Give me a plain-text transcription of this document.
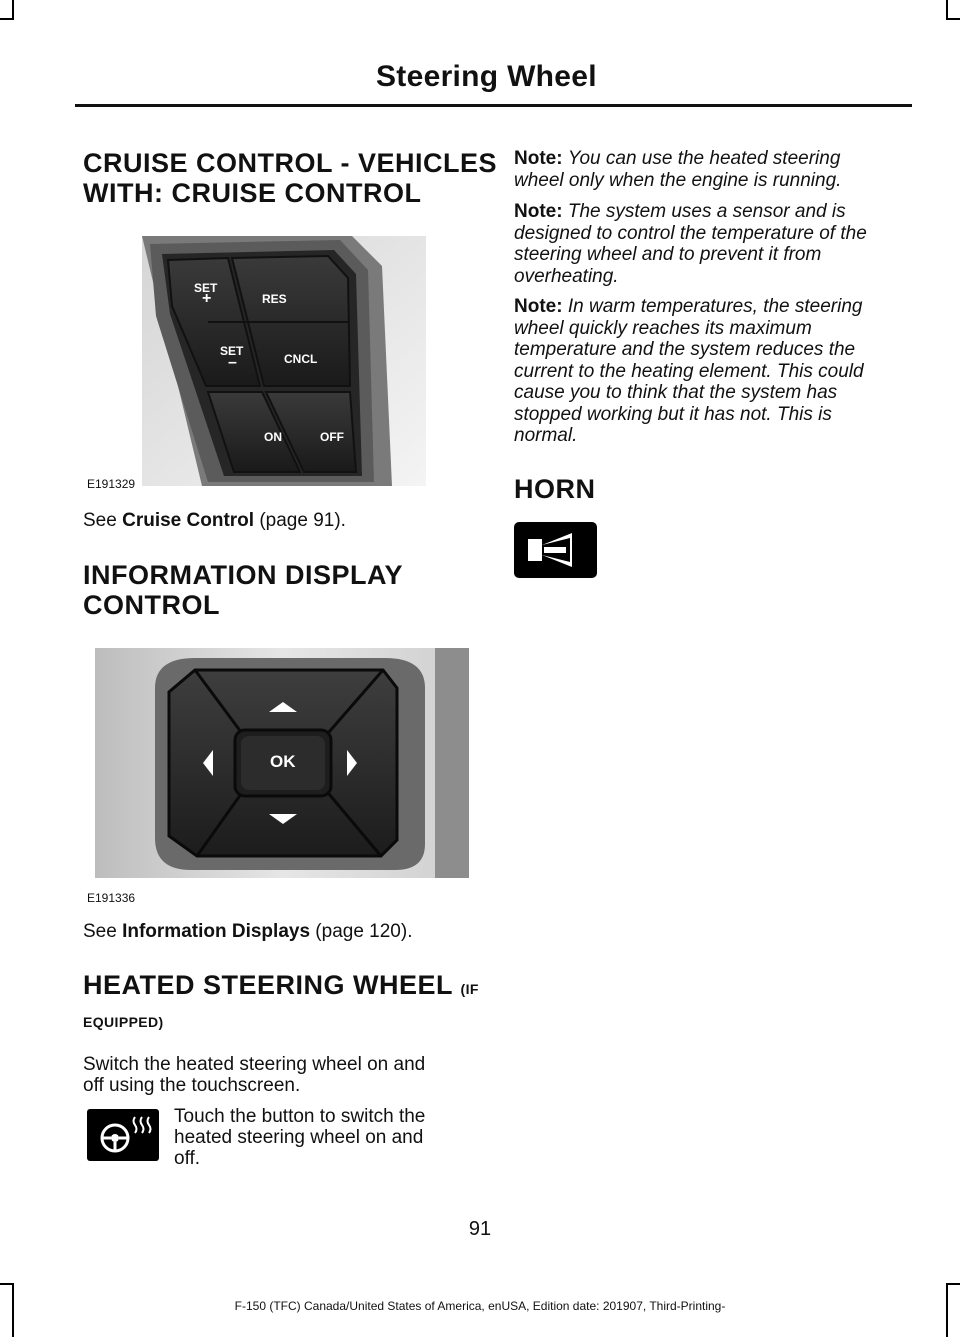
Steering Wheel
CRUISE CONTROL - VEHICLES
WITH: CRUISE CONTROL
SET
+	RES
SET
–	CNCL
ON	OFF
E191329
See Cruise Control (page 91).
INFORMATION DISPLAY
CONTROL
OK
E191336
See Information Displays (page 120).
HEATED STEERING WHEEL (IF
EQUIPPED)
Switch the heated steering wheel on and
off using the touchscreen.
Touch the button to switch the
heated steering wheel on and
off.
Note: You can use the heated steering
wheel only when the engine is running.
Note: The system uses a sensor and is
designed to control the temperature of the
steering wheel and to prevent it from
overheating.
Note: In warm temperatures, the steering
wheel quickly reaches its maximum
temperature and the system reduces the
current to the heating element. This could
cause you to think that the system has
stopped working but it has not. This is
normal.
HORN
91
F-150 (TFC) Canada/United States of America, enUSA, Edition date: 201907, Third-Printing-
